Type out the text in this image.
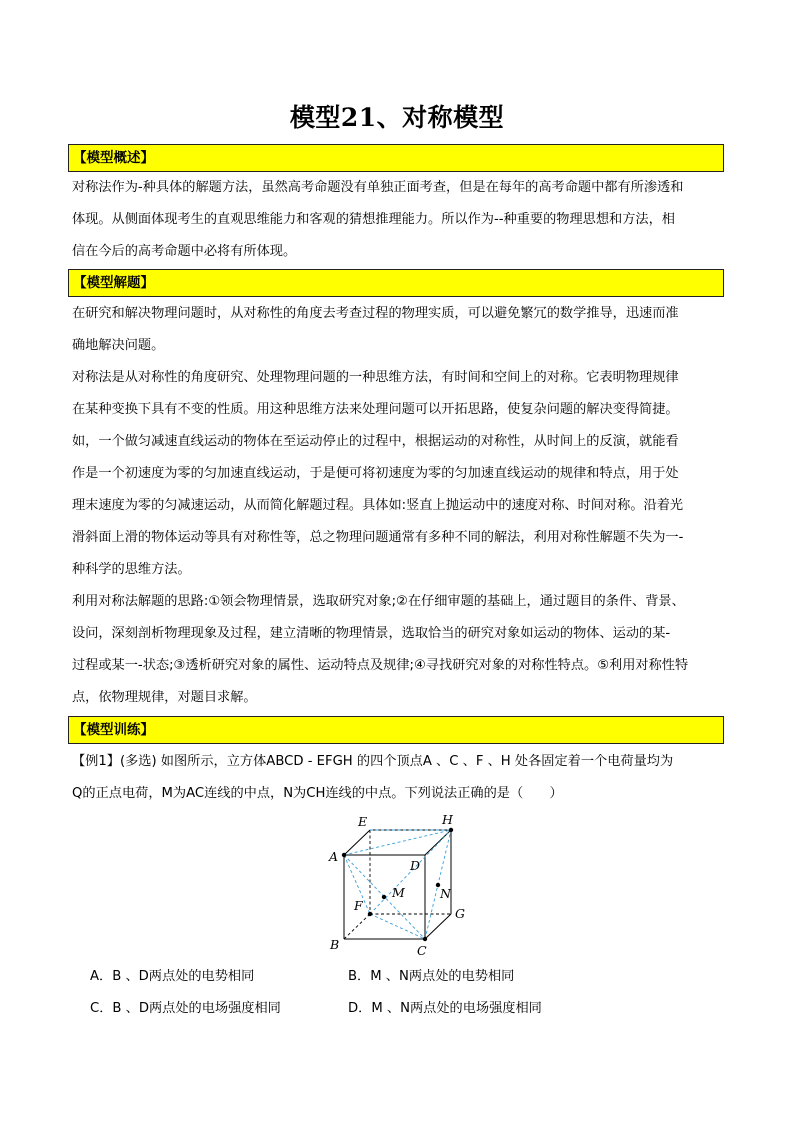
模型21、对称模型
【模型概述】
对称法作为-种具体的解题方法，虽然高考命题没有单独正面考查，但是在每年的高考命题中都有所渗透和
体现。从侧面体现考生的直观思维能力和客观的猜想推理能力。所以作为--种重要的物理思想和方法，相
信在今后的高考命题中必将有所体现。
【模型解题】
在研究和解决物理问题时，从对称性的角度去考查过程的物理实质，可以避免繁冗的数学推导，迅速而准
确地解决问题。
对称法是从对称性的角度研究、处理物理问题的一种思维方法，有时间和空间上的对称。它表明物理规律
在某种变换下具有不变的性质。用这种思维方法来处理问题可以开拓思路，使复杂问题的解决变得简捷。
如，一个做匀减速直线运动的物体在至运动停止的过程中，根据运动的对称性，从时间上的反演，就能看
作是一个初速度为零的匀加速直线运动，于是便可将初速度为零的匀加速直线运动的规律和特点，用于处
理末速度为零的匀减速运动，从而简化解题过程。具体如:竖直上抛运动中的速度对称、时间对称。沿着光
滑斜面上滑的物体运动等具有对称性等，总之物理问题通常有多种不同的解法，利用对称性解题不失为一-
种科学的思维方法。
利用对称法解题的思路:①领会物理情景，选取研究对象;②在仔细审题的基础上，通过题目的条件、背景、
设问，深刻剖析物理现象及过程，建立清晰的物理情景，选取恰当的研究对象如运动的物体、运动的某-
过程或某一-状态;③透析研究对象的属性、运动特点及规律;④寻找研究对象的对称性特点。⑤利用对称性特
点，依物理规律，对题目求解。
【模型训练】
【例1】(多选) 如图所示，立方体ABCD - EFGH 的四个顶点A 、C 、F 、H 处各固定着一个电荷量均为
Q的正点电荷，M为AC连线的中点，N为CH连线的中点。下列说法正确的是（　　）
E	H
A
D
M	N
F
G
B	C
A．B 、D两点处的电势相同	B．M 、N两点处的电势相同
C．B 、D两点处的电场强度相同	D．M 、N两点处的电场强度相同
